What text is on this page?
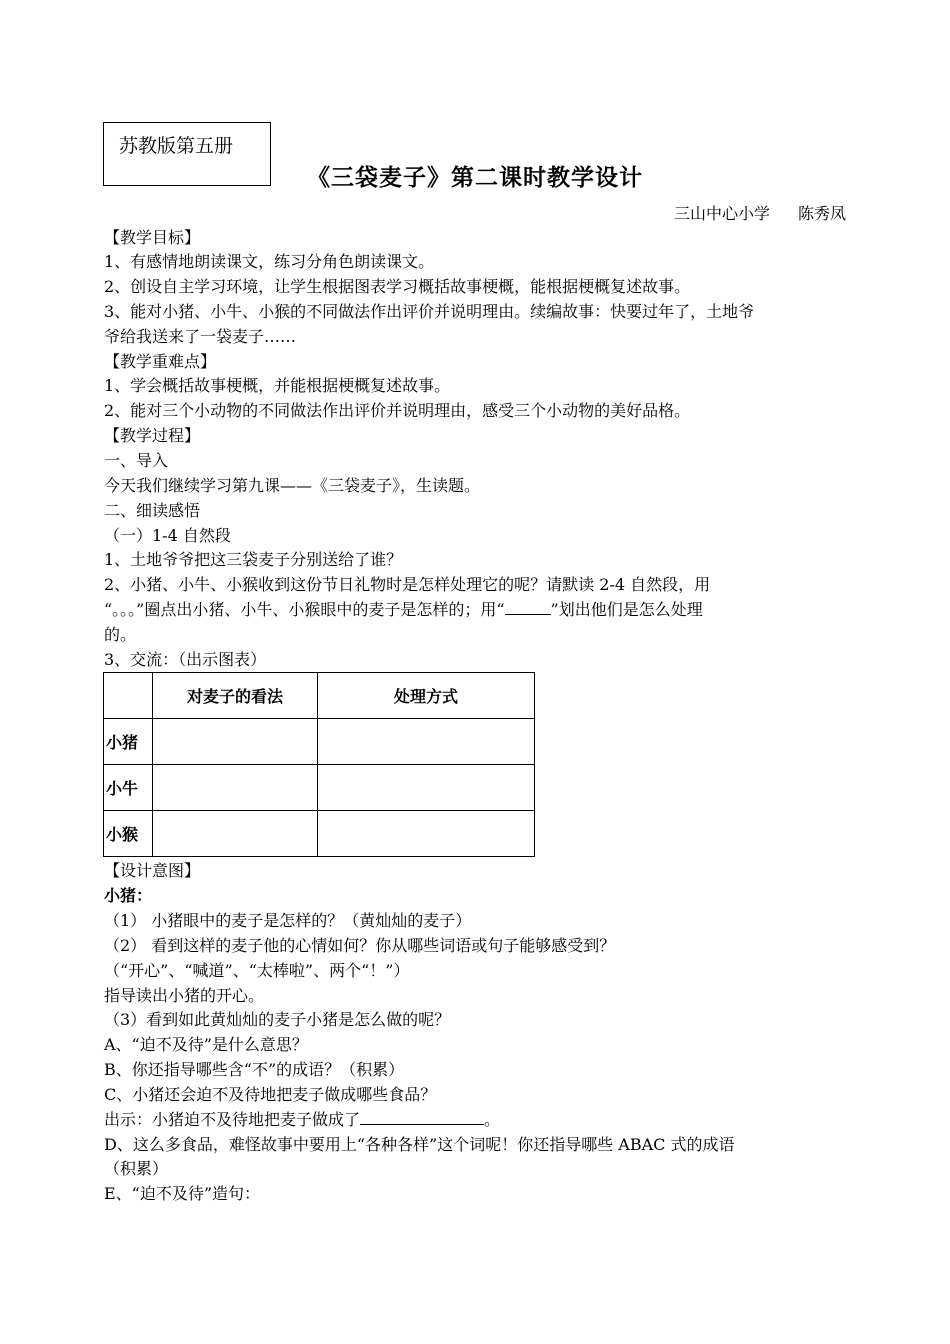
苏教版第五册
《三袋麦子》第二课时教学设计
三山中心小学 陈秀凤
【教学目标】
1、有感情地朗读课文，练习分角色朗读课文。
2、创设自主学习环境，让学生根据图表学习概括故事梗概，能根据梗概复述故事。
3、能对小猪、小牛、小猴的不同做法作出评价并说明理由。续编故事：快要过年了，土地爷
爷给我送来了一袋麦子……
【教学重难点】
1、学会概括故事梗概，并能根据梗概复述故事。
2、能对三个小动物的不同做法作出评价并说明理由，感受三个小动物的美好品格。
【教学过程】
一、导入
今天我们继续学习第九课——《三袋麦子》，生读题。
二、细读感悟
（一）1-4 自然段
1、土地爷爷把这三袋麦子分别送给了谁？
2、小猪、小牛、小猴收到这份节日礼物时是怎样处理它的呢？请默读 2-4 自然段，用
“。。。”圈点出小猪、小牛、小猴眼中的麦子是怎样的；用“	”划出他们是怎么处理
的。
3、交流：（出示图表）
	对麦子的看法	处理方式
小猪		
小牛		
小猴		
【设计意图】
小猪：
（1） 小猪眼中的麦子是怎样的？（黄灿灿的麦子）
（2） 看到这样的麦子他的心情如何？你从哪些词语或句子能够感受到？
（“开心”、“喊道”、“太棒啦”、两个“！”）
指导读出小猪的开心。
（3）看到如此黄灿灿的麦子小猪是怎么做的呢？
A、“迫不及待”是什么意思？
B、你还指导哪些含“不”的成语？（积累）
C、小猪还会迫不及待地把麦子做成哪些食品？
出示：小猪迫不及待地把麦子做成了	。
D、这么多食品，难怪故事中要用上“各种各样”这个词呢！你还指导哪些 ABAC 式的成语
（积累）
E、“迫不及待”造句：
